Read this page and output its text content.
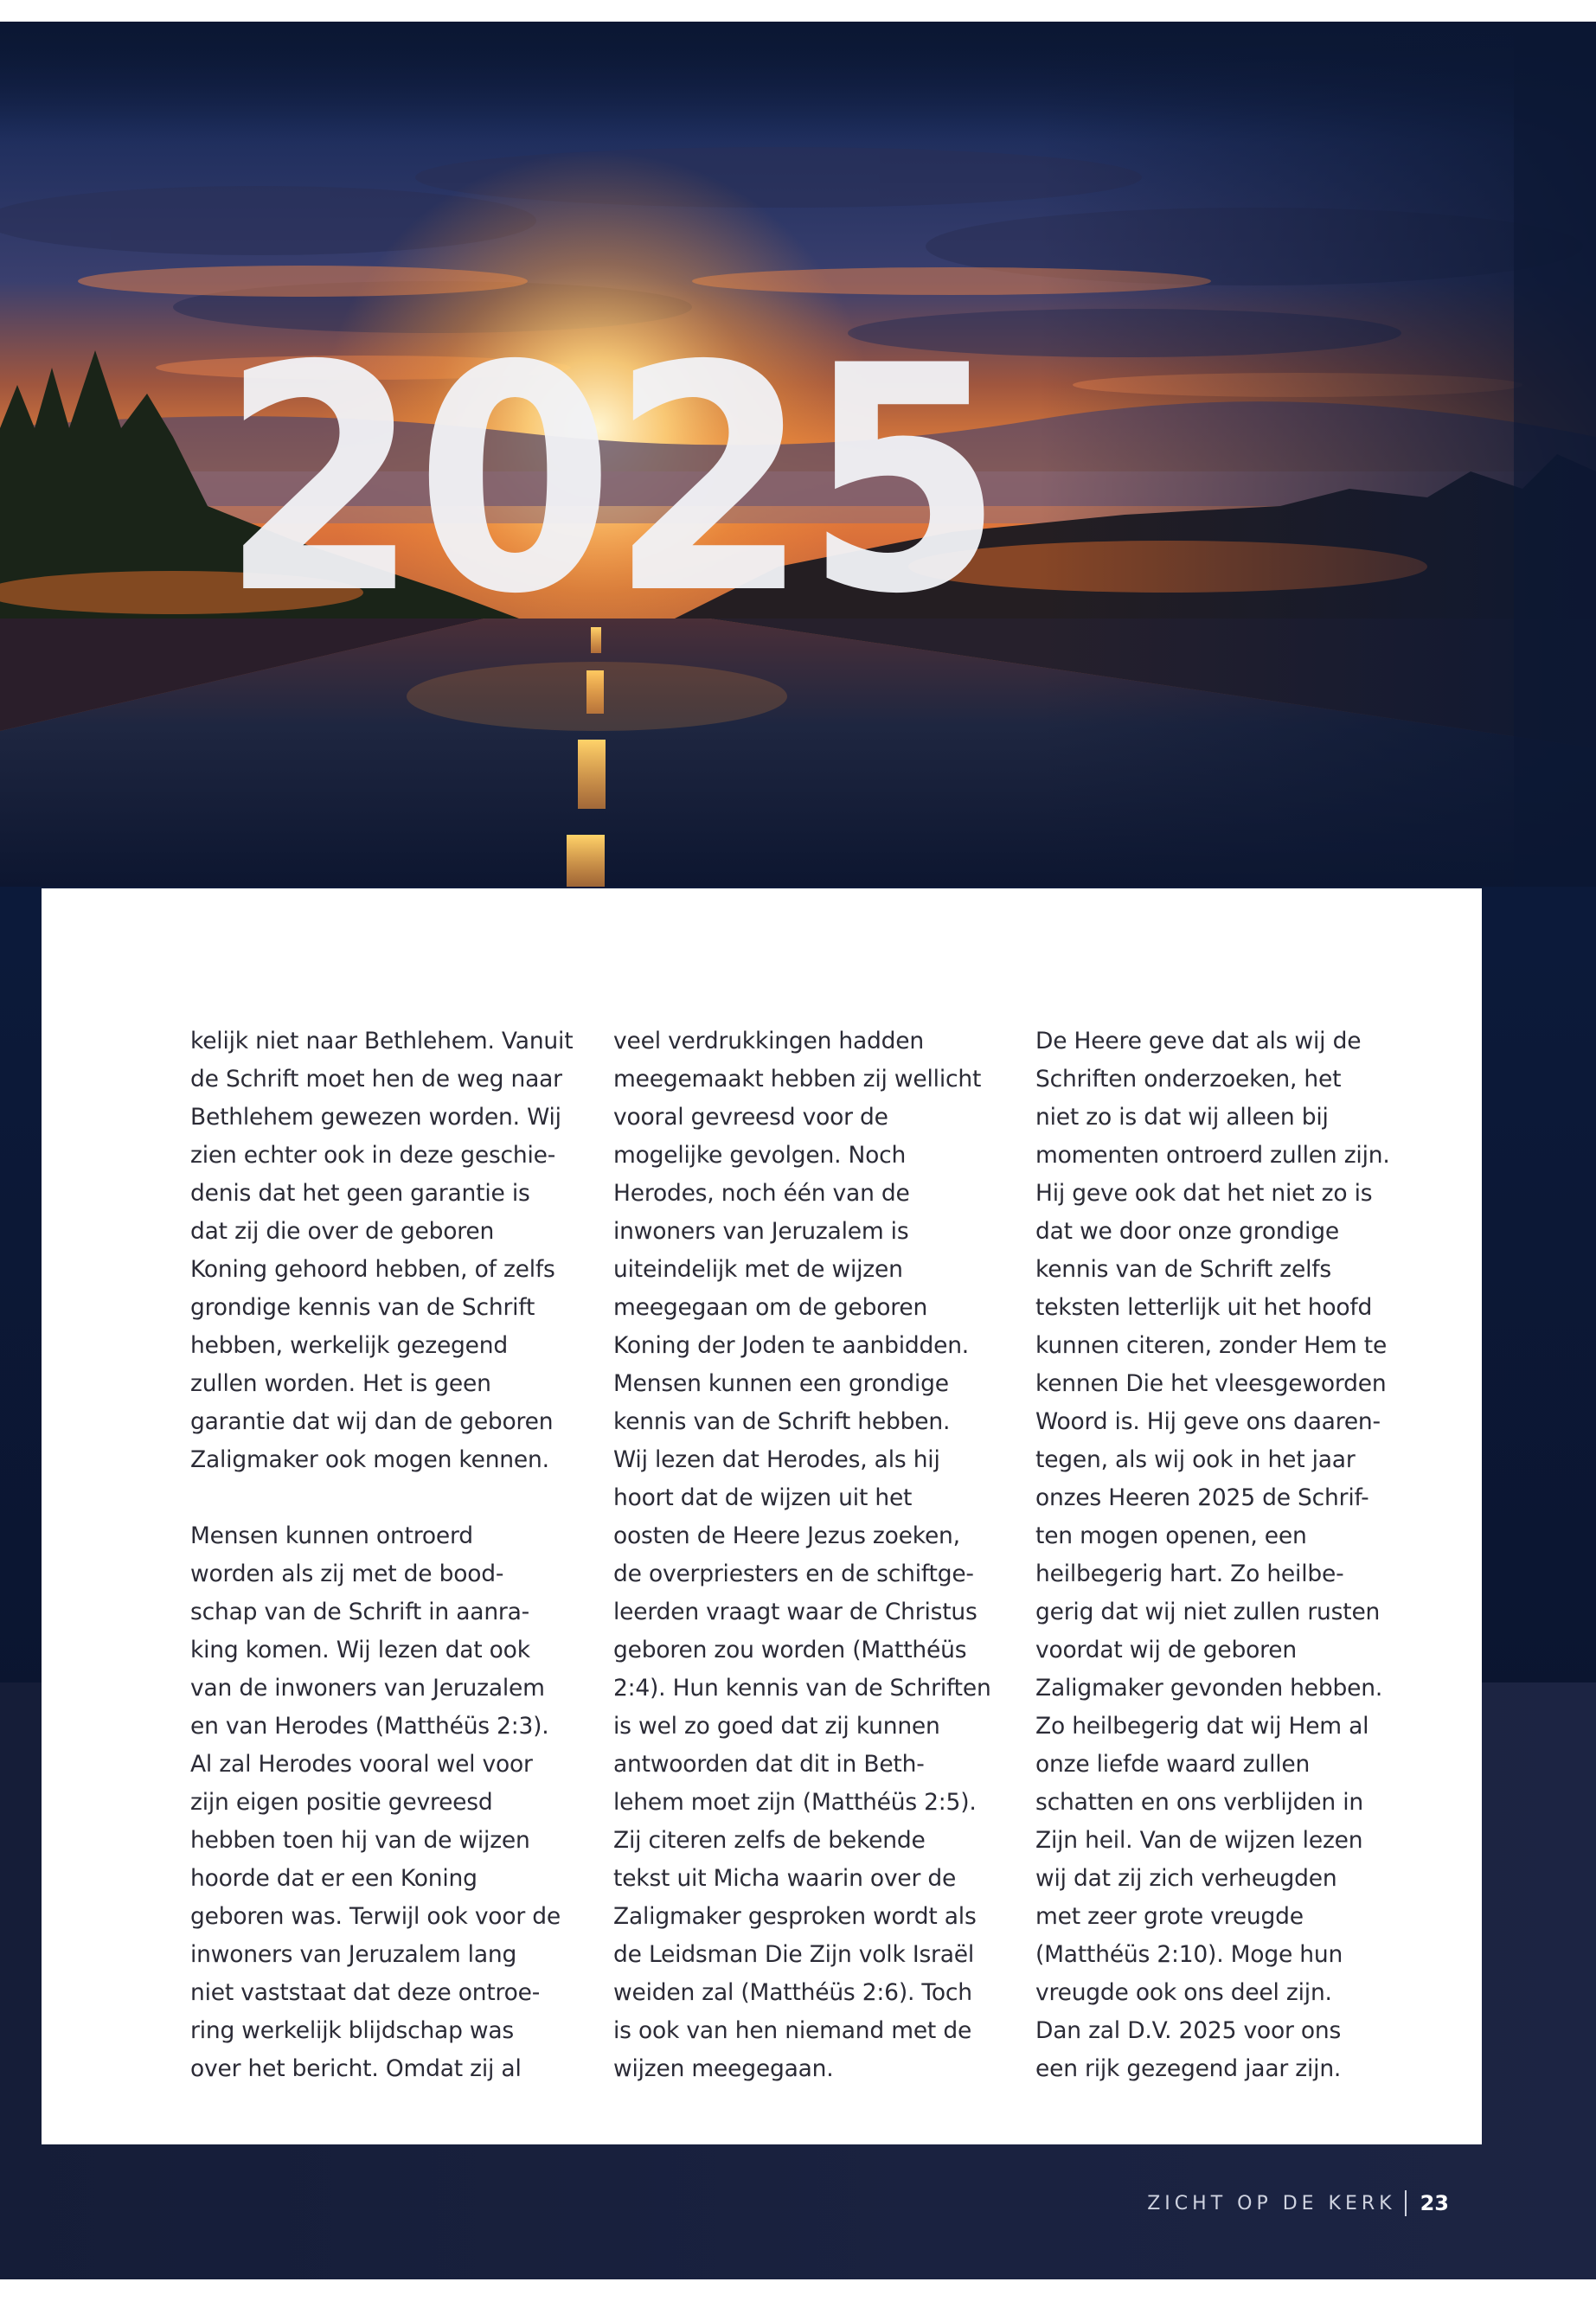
2025

kelijk niet naar Bethlehem. Vanuit
de Schrift moet hen de weg naar
Bethlehem gewezen worden. Wij
zien echter ook in deze geschie-
denis dat het geen garantie is
dat zij die over de geboren
Koning gehoord hebben, of zelfs
grondige kennis van de Schrift
hebben, werkelijk gezegend
zullen worden. Het is geen
garantie dat wij dan de geboren
Zaligmaker ook mogen kennen.

Mensen kunnen ontroerd
worden als zij met de bood-
schap van de Schrift in aanra-
king komen. Wij lezen dat ook
van de inwoners van Jeruzalem
en van Herodes (Matthéüs 2:3).
Al zal Herodes vooral wel voor
zijn eigen positie gevreesd
hebben toen hij van de wijzen
hoorde dat er een Koning
geboren was. Terwijl ook voor de
inwoners van Jeruzalem lang
niet vaststaat dat deze ontroe-
ring werkelijk blijdschap was
over het bericht. Omdat zij al

veel verdrukkingen hadden
meegemaakt hebben zij wellicht
vooral gevreesd voor de
mogelijke gevolgen. Noch
Herodes, noch één van de
inwoners van Jeruzalem is
uiteindelijk met de wijzen
meegegaan om de geboren
Koning der Joden te aanbidden.
Mensen kunnen een grondige
kennis van de Schrift hebben.
Wij lezen dat Herodes, als hij
hoort dat de wijzen uit het
oosten de Heere Jezus zoeken,
de overpriesters en de schiftge-
leerden vraagt waar de Christus
geboren zou worden (Matthéüs
2:4). Hun kennis van de Schriften
is wel zo goed dat zij kunnen
antwoorden dat dit in Beth-
lehem moet zijn (Matthéüs 2:5).
Zij citeren zelfs de bekende
tekst uit Micha waarin over de
Zaligmaker gesproken wordt als
de Leidsman Die Zijn volk Israël
weiden zal (Matthéüs 2:6). Toch
is ook van hen niemand met de
wijzen meegegaan.

De Heere geve dat als wij de
Schriften onderzoeken, het
niet zo is dat wij alleen bij
momenten ontroerd zullen zijn.
Hij geve ook dat het niet zo is
dat we door onze grondige
kennis van de Schrift zelfs
teksten letterlijk uit het hoofd
kunnen citeren, zonder Hem te
kennen Die het vleesgeworden
Woord is. Hij geve ons daaren-
tegen, als wij ook in het jaar
onzes Heeren 2025 de Schrif-
ten mogen openen, een
heilbegerig hart. Zo heilbe-
gerig dat wij niet zullen rusten
voordat wij de geboren
Zaligmaker gevonden hebben.
Zo heilbegerig dat wij Hem al
onze liefde waard zullen
schatten en ons verblijden in
Zijn heil. Van de wijzen lezen
wij dat zij zich verheugden
met zeer grote vreugde
(Matthéüs 2:10). Moge hun
vreugde ook ons deel zijn.
Dan zal D.V. 2025 voor ons
een rijk gezegend jaar zijn.

ZICHT OP DE KERK 23
